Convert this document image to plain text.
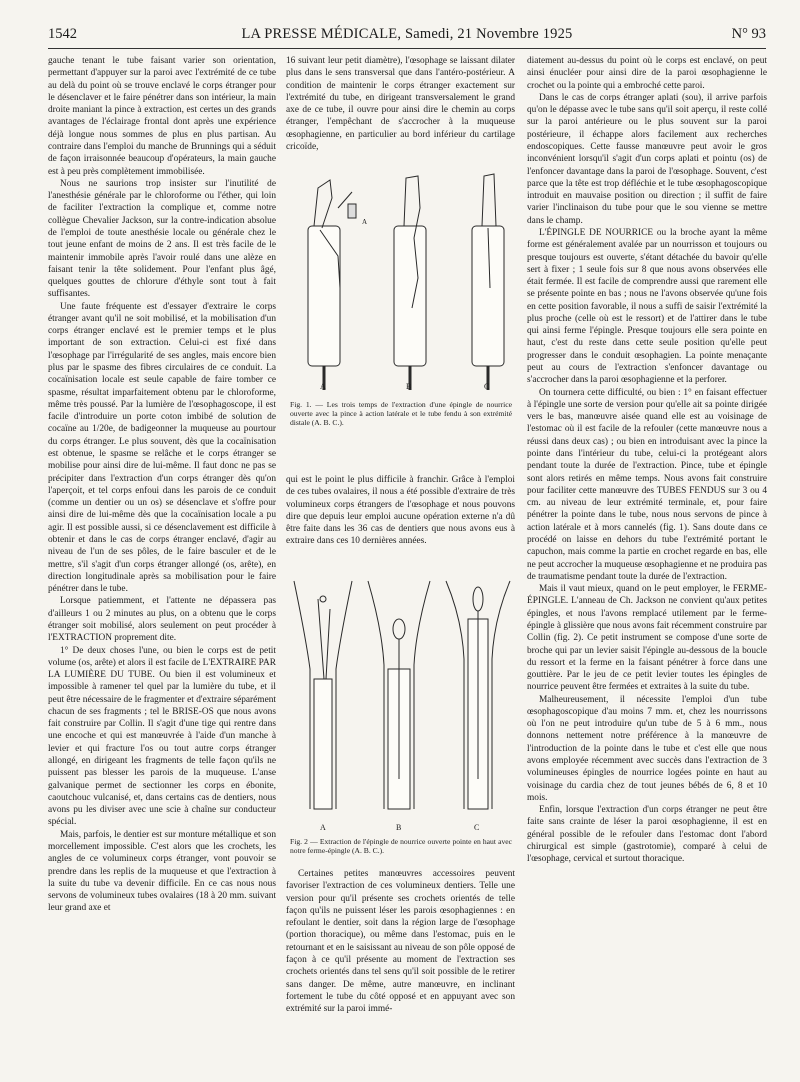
1542	LA PRESSE MÉDICALE, Samedi, 21 Novembre 1925	N° 93

gauche tenant le tube faisant varier son orientation, permettant d'appuyer sur la paroi avec l'extrémité de ce tube au delà du point où se trouve enclavé le corps étranger pour le désenclaver et le faire pénétrer dans son intérieur, la main droite maniant la pince à extraction, est certes un des grands avantages de l'éclairage frontal dont après une expérience déjà longue nous sommes de plus en plus partisan. Au contraire dans l'emploi du manche de Brunnings qui a séduit de façon irraisonnée beaucoup d'opérateurs, la main gauche est à peu près complètement immobilisée.

Nous ne saurions trop insister sur l'inutilité de l'anesthésie générale par le chloroforme ou l'éther, qui loin de faciliter l'extraction la complique et, comme notre collègue Chevalier Jackson, sur la contre-indication absolue de l'emploi de toute anesthésie locale ou générale chez le tout jeune enfant de moins de 2 ans. Il est très facile de le maintenir immobile après l'avoir roulé dans une alèze en faisant tenir la tête solidement. Pour l'enfant plus âgé, quelques gouttes de chlorure d'éthyle sont tout à fait suffisantes.

Une faute fréquente est d'essayer d'extraire le corps étranger avant qu'il ne soit mobilisé, et la mobilisation d'un corps étranger enclavé est le premier temps et le plus important de son extraction. Celui-ci est fixé dans l'œsophage par l'irrégularité de ses angles, mais encore bien plus par le spasme des fibres circulaires de ce conduit. La cocaïnisation locale est seule capable de faire tomber ce spasme, résultat imparfaitement obtenu par le chloroforme, même très poussé. Par la lumière de l'œsophagoscope, il est facile d'introduire un porte coton imbibé de solution de cocaïne au 1/20e, de badigeonner la muqueuse au pourtour du corps étranger. Le plus souvent, dès que la cocaïnisation est obtenue, le spasme se relâche et le corps étranger se mobilise pour ainsi dire de lui-même. Il faut donc ne pas se précipiter dans l'extraction d'un corps étranger dès qu'on l'aperçoit, et tel corps enfoui dans les parois de ce conduit (comme un dentier ou un os) se désenclave et s'offre pour ainsi dire de lui-même dès que la cocaïnisation locale a pu agir. Il est possible aussi, si ce désenclavement est difficile à obtenir et dans le cas de corps étranger enclavé, d'agir au niveau de l'un de ses pôles, de le faire basculer et de le mettre, s'il s'agit d'un corps étranger allongé (os, arête), en direction longitudinale après sa mobilisation pour le faire pénétrer dans le tube.

Lorsque patiemment, et l'attente ne dépassera pas d'ailleurs 1 ou 2 minutes au plus, on a obtenu que le corps étranger soit mobilisé, alors seulement on peut procéder à l'EXTRACTION proprement dite.

1° De deux choses l'une, ou bien le corps est de petit volume (os, arête) et alors il est facile de L'EXTRAIRE PAR LA LUMIÈRE DU TUBE. Ou bien il est volumineux et impossible à ramener tel quel par la lumière du tube, et il peut être nécessaire de le fragmenter et d'extraire séparément chacun de ses fragments ; tel le BRISE-OS que nous avons fait construire par Collin. Il s'agit d'une tige qui rentre dans une encoche et qui est manœuvrée à l'aide d'un manche à levier et qui fracture l'os ou tout autre corps étranger allongé, en dirigeant les fragments de telle façon qu'ils ne puissent pas blesser les parois de la muqueuse. L'anse galvanique permet de sectionner les corps en ébonite, caoutchouc vulcanisé, et, dans certains cas de dentiers, nous avons pu les diviser avec une scie à chaîne sur conducteur spécial.

Mais, parfois, le dentier est sur monture métallique et son morcellement impossible. C'est alors que les crochets, les angles de ce volumineux corps étranger, vont pouvoir se prendre dans les replis de la muqueuse et que l'extraction à la suite du tube va devenir difficile. En ce cas nous nous servons de volumineux tubes ovalaires (18 à 20 mm. suivant leur grand axe et

16 suivant leur petit diamètre), l'œsophage se laissant dilater plus dans le sens transversal que dans l'antéro-postérieur. A condition de maintenir le corps étranger exactement sur l'extrémité du tube, en dirigeant transversalement le grand axe de ce tube, il ouvre pour ainsi dire le chemin au corps étranger, l'empêchant de s'accrocher à la muqueuse œsophagienne, en particulier au bord inférieur du cartilage cricoïde,

A
A	B	C
Fig. 1. — Les trois temps de l'extraction d'une épingle de nourrice ouverte avec la pince à action latérale et le tube fendu à son extrémité distale (A. B. C.).

qui est le point le plus difficile à franchir. Grâce à l'emploi de ces tubes ovalaires, il nous a été possible d'extraire de très volumineux corps étrangers de l'œsophage et nous pouvons dire que depuis leur emploi aucune opération externe n'a dû être faite dans les 36 cas de dentiers que nous avons eus à extraire dans ces 10 dernières années.

A	B	C
Fig. 2 — Extraction de l'épingle de nourrice ouverte pointe en haut avec notre ferme-épingle (A. B. C.).

Certaines petites manœuvres accessoires peuvent favoriser l'extraction de ces volumineux dentiers. Telle une version pour qu'il présente ses crochets orientés de telle façon qu'ils ne puissent léser les parois œsophagiennes : en refoulant le dentier, soit dans la région large de l'œsophage (portion thoracique), ou même dans l'estomac, puis en le retournant et en le saisissant au niveau de son pôle opposé de façon à ce qu'il présente au moment de l'extraction ses crochets orientés dans tel sens qu'il soit possible de le retirer sans danger. De même, autre manœuvre, en inclinant fortement le tube du côté opposé et en appuyant avec son extrémité sur la paroi immé-

diatement au-dessus du point où le corps est enclavé, on peut ainsi énucléer pour ainsi dire de la paroi œsophagienne le crochet ou la pointe qui a embroché cette paroi.

Dans le cas de corps étranger aplati (sou), il arrive parfois qu'on le dépasse avec le tube sans qu'il soit aperçu, il reste collé sur la paroi antérieure ou le plus souvent sur la paroi postérieure, il échappe alors facilement aux recherches endoscopiques. Cette fausse manœuvre peut avoir le gros inconvénient lorsqu'il s'agit d'un corps aplati et pointu (os) de l'enfoncer davantage dans la paroi de l'œsophage. Souvent, c'est parce que la tête est trop défléchie et le tube œsophagoscopique introduit en mauvaise position ou direction ; il suffit de faire varier l'inclinaison du tube pour que le sou vienne se mettre dans le champ.

L'ÉPINGLE DE NOURRICE ou la broche ayant la même forme est généralement avalée par un nourrisson et toujours ou presque toujours est ouverte, s'étant détachée du bavoir qu'elle sert à fixer ; 1 seule fois sur 8 que nous avons observées elle était fermée. Il est facile de comprendre aussi que rarement elle se présente pointe en bas ; nous ne l'avons observée qu'une fois en cette position favorable, il nous a suffi de saisir l'extrémité la plus proche (celle où est le ressort) et de l'attirer dans le tube qui ainsi ferme l'épingle. Presque toujours elle sera pointe en haut, c'est du reste dans cette seule position qu'elle peut progresser dans le conduit œsophagien. La pointe menaçante peut au cours de l'extraction s'enfoncer davantage ou s'accrocher dans la paroi œsophagienne et la perforer.

On tournera cette difficulté, ou bien : 1° en faisant effectuer à l'épingle une sorte de version pour qu'elle ait sa pointe dirigée vers le bas, manœuvre aisée quand elle est au voisinage de l'estomac où il est facile de la refouler (cette manœuvre nous a réussi dans deux cas) ; ou bien en introduisant avec la pince la pointe dans l'intérieur du tube, celui-ci la protégeant alors pendant toute la durée de l'extraction. Pince, tube et épingle sont alors retirés en même temps. Nous avons fait construire pour faciliter cette manœuvre des TUBES FENDUS sur 3 ou 4 cm. au niveau de leur extrémité terminale, et, pour faire pénétrer la pointe dans le tube, nous nous servons de pince à action latérale et à mors cannelés (fig. 1). Sans doute dans ce procédé on laisse en dehors du tube l'extrémité portant le capuchon, mais comme la partie en crochet regarde en bas, elle ne peut accrocher la muqueuse œsophagienne et ne produira pas de traumatisme pendant toute la durée de l'extraction.

Mais il vaut mieux, quand on le peut employer, le FERME-ÉPINGLE. L'anneau de Ch. Jackson ne convient qu'aux petites épingles, et nous l'avons remplacé utilement par le ferme-épingle à glissière que nous avons fait récemment construire par Collin (fig. 2). Ce petit instrument se compose d'une sorte de broche qui par un levier saisit l'épingle au-dessous de la boucle du ressort et la ferme en la faisant pénétrer à force dans une gouttière. Par le jeu de ce petit levier toutes les épingles de nourrice peuvent être fermées et extraites à la suite du tube.

Malheureusement, il nécessite l'emploi d'un tube œsophagoscopique d'au moins 7 mm. et, chez les nourrissons où l'on ne peut introduire qu'un tube de 5 à 6 mm., nous donnons nettement notre préférence à la manœuvre de l'introduction de la pointe dans le tube et c'est elle que nous avons employée récemment avec succès dans l'extraction de 3 volumineuses épingles de nourrice logées pointe en haut au voisinage du cardia chez de tout jeunes bébés de 6, 8 et 10 mois.

Enfin, lorsque l'extraction d'un corps étranger ne peut être faite sans crainte de léser la paroi œsophagienne, il est en général possible de le refouler dans l'estomac dont l'abord chirurgical est simple (gastrotomie), comparé à celui de l'œsophage, cervical et surtout thoracique.
